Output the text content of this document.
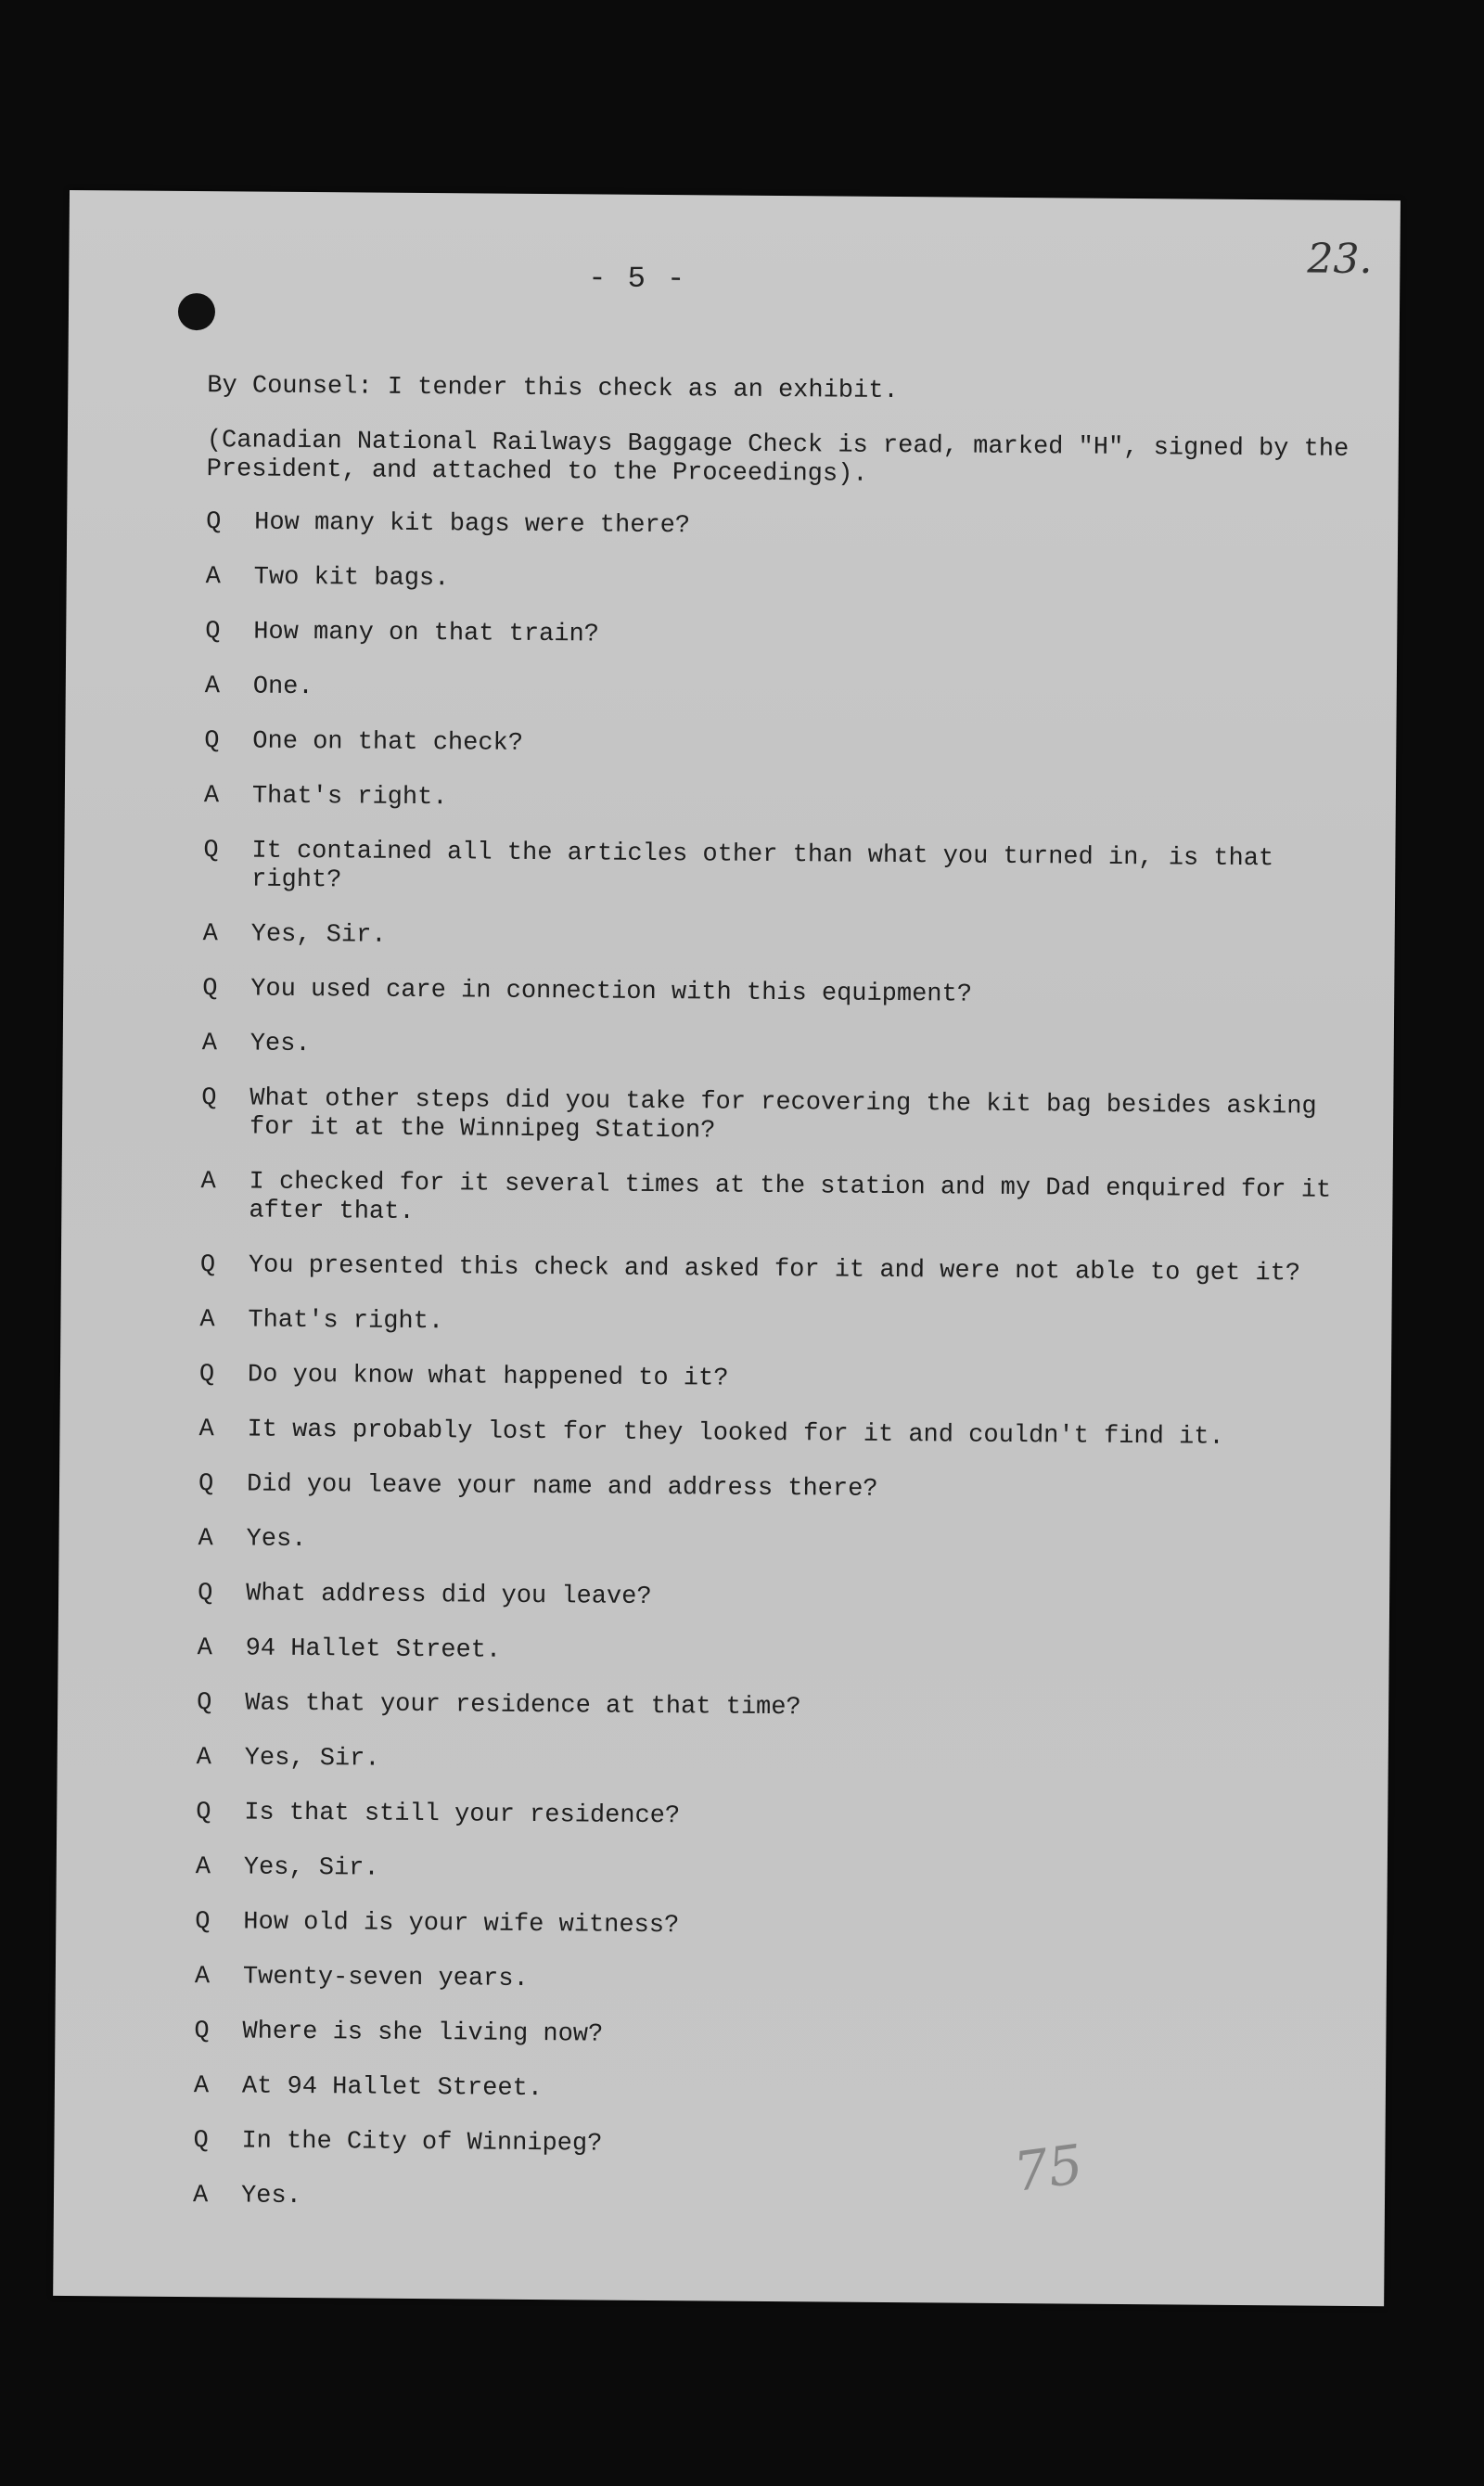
23.
- 5 -

By Counsel: I tender this check as an exhibit.

(Canadian National Railways Baggage Check is read, marked "H", signed by the President, and attached to the Proceedings).

Q	How many kit bags were there?
A	Two kit bags.
Q	How many on that train?
A	One.
Q	One on that check?
A	That's right.
Q	It contained all the articles other than what you turned in, is that right?
A	Yes, Sir.
Q	You used care in connection with this equipment?
A	Yes.
Q	What other steps did you take for recovering the kit bag besides asking for it at the Winnipeg Station?
A	I checked for it several times at the station and my Dad enquired for it after that.
Q	You presented this check and asked for it and were not able to get it?
A	That's right.
Q	Do you know what happened to it?
A	It was probably lost for they looked for it and couldn't find it.
Q	Did you leave your name and address there?
A	Yes.
Q	What address did you leave?
A	94 Hallet Street.
Q	Was that your residence at that time?
A	Yes, Sir.
Q	Is that still your residence?
A	Yes, Sir.
Q	How old is your wife witness?
A	Twenty-seven years.
Q	Where is she living now?
A	At 94 Hallet Street.
Q	In the City of Winnipeg?
A	Yes.	75
